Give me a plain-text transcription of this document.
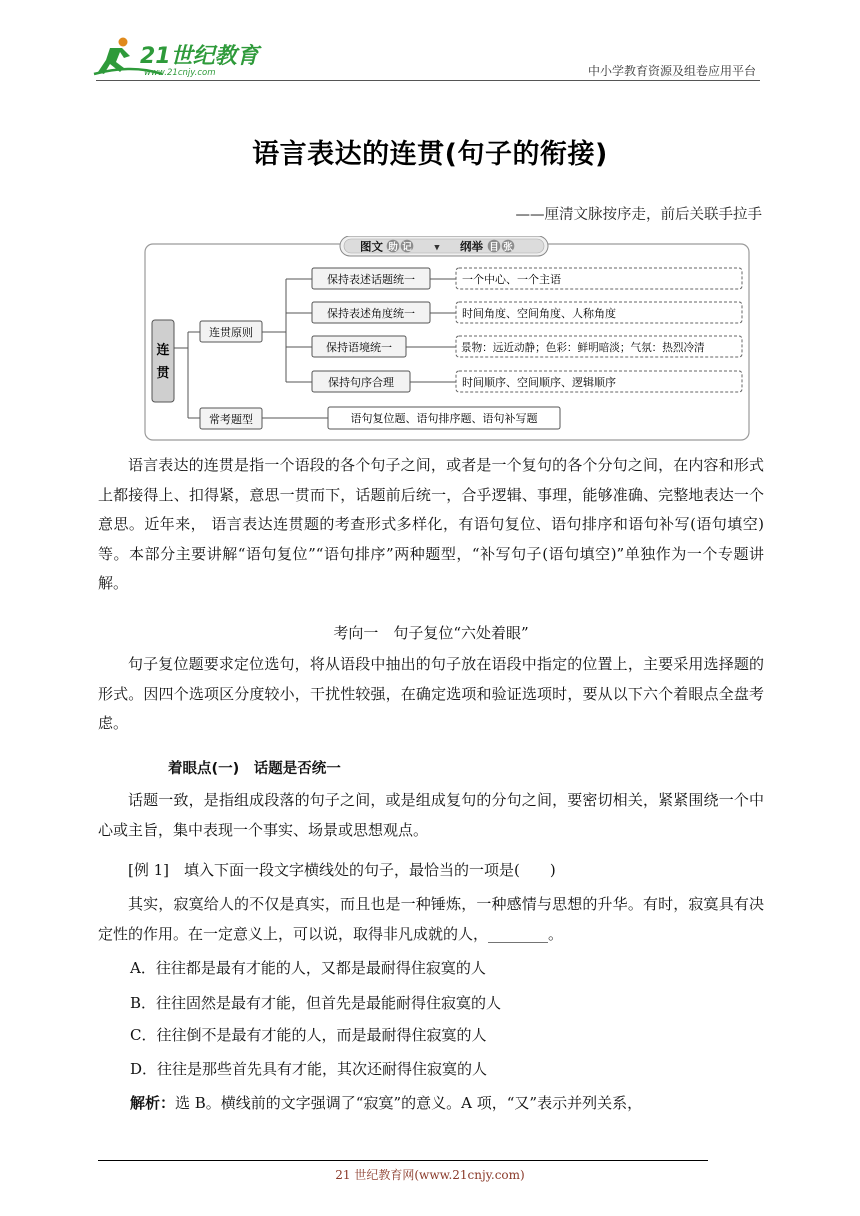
21世纪教育
www.21cnjy.com	中小学教育资源及组卷应用平台
语言表达的连贯(句子的衔接)
——厘清文脉按序走，前后关联手拉手
图文 助 记	▼ 纲举 目 张
连
贯
连贯原则
常考题型
保持表述话题统一
保持表述角度统一
保持语境统一
保持句序合理
语句复位题、语句排序题、语句补写题
一个中心、一个主语
时间角度、空间角度、人称角度
景物：远近动静；色彩：鲜明暗淡；气氛：热烈冷清
时间顺序、空间顺序、逻辑顺序
语言表达的连贯是指一个语段的各个句子之间，或者是一个复句的各个分句之间，在内容和形式上都接得上、扣得紧，意思一贯而下，话题前后统一，合乎逻辑、事理，能够准确、完整地表达一个意思。近年来， 语言表达连贯题的考查形式多样化，有语句复位、语句排序和语句补写(语句填空)等。本部分主要讲解“语句复位”“语句排序”两种题型，“补写句子(语句填空)”单独作为一个专题讲解。
考向一　句子复位“六处着眼”
句子复位题要求定位选句，将从语段中抽出的句子放在语段中指定的位置上，主要采用选择题的形式。因四个选项区分度较小，干扰性较强，在确定选项和验证选项时，要从以下六个着眼点全盘考虑。
着眼点(一)　话题是否统一
话题一致，是指组成段落的句子之间，或是组成复句的分句之间，要密切相关，紧紧围绕一个中心或主旨，集中表现一个事实、场景或思想观点。
[例 1]　填入下面一段文字横线处的句子，最恰当的一项是(　　)
其实，寂寞给人的不仅是真实，而且也是一种锤炼，一种感情与思想的升华。有时，寂寞具有决定性的作用。在一定意义上，可以说，取得非凡成就的人，________。
A．往往都是最有才能的人，又都是最耐得住寂寞的人
B．往往固然是最有才能，但首先是最能耐得住寂寞的人
C．往往倒不是最有才能的人，而是最耐得住寂寞的人
D．往往是那些首先具有才能，其次还耐得住寂寞的人
解析：选 B。横线前的文字强调了“寂寞”的意义。A 项，“又”表示并列关系，
21 世纪教育网(www.21cnjy.com)
